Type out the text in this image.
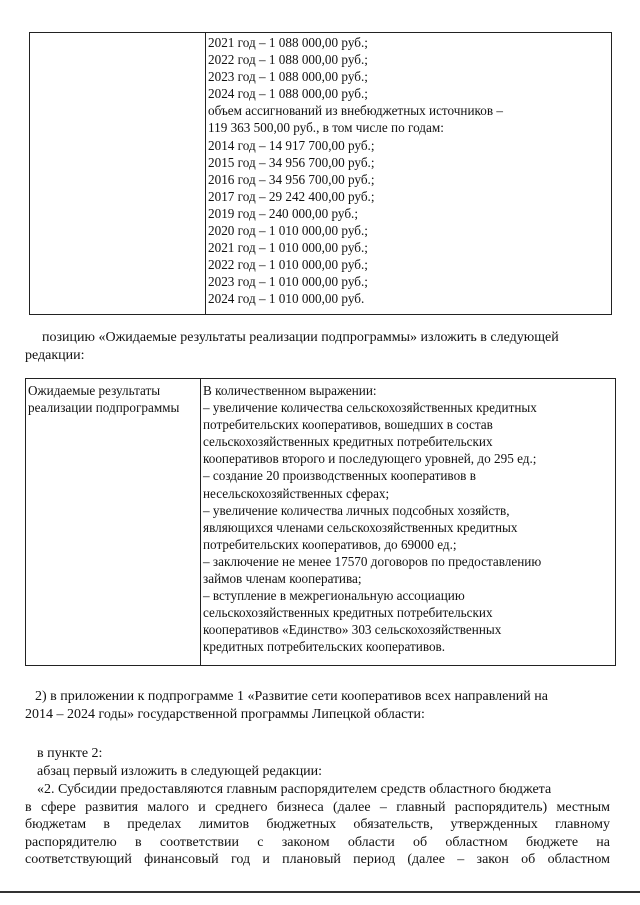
2021 год – 1 088 000,00 руб.;
2022 год – 1 088 000,00 руб.;
2023 год – 1 088 000,00 руб.;
2024 год – 1 088 000,00 руб.;
объем ассигнований из внебюджетных источников –
119 363 500,00 руб., в том числе по годам:
2014 год – 14 917 700,00 руб.;
2015 год – 34 956 700,00 руб.;
2016 год – 34 956 700,00 руб.;
2017 год – 29 242 400,00 руб.;
2019 год – 240 000,00 руб.;
2020 год – 1 010 000,00 руб.;
2021 год – 1 010 000,00 руб.;
2022 год – 1 010 000,00 руб.;
2023 год – 1 010 000,00 руб.;
2024 год – 1 010 000,00 руб.
позицию «Ожидаемые результаты реализации подпрограммы» изложить в следующей
редакции:
Ожидаемые результаты
реализации подпрограммы
В количественном выражении:
– увеличение количества сельскохозяйственных кредитных
потребительских кооперативов, вошедших в состав
сельскохозяйственных кредитных потребительских
кооперативов второго и последующего уровней, до 295 ед.;
– создание 20 производственных кооперативов в
несельскохозяйственных сферах;
– увеличение количества личных подсобных хозяйств,
являющихся членами сельскохозяйственных кредитных
потребительских кооперативов, до 69000 ед.;
– заключение не менее 17570 договоров по предоставлению
займов членам кооператива;
– вступление в межрегиональную ассоциацию
сельскохозяйственных кредитных потребительских
кооперативов «Единство» 303 сельскохозяйственных
кредитных потребительских кооперативов.
2) в приложении к подпрограмме 1 «Развитие сети кооперативов всех направлений на
2014 – 2024 годы» государственной программы Липецкой области:
в пункте 2:
абзац первый изложить в следующей редакции:
«2. Субсидии предоставляются главным распорядителем средств областного бюджета
в сфере развития малого и среднего бизнеса (далее – главный распорядитель) местным
бюджетам в пределах лимитов бюджетных обязательств, утвержденных главному
распорядителю в соответствии с законом области об областном бюджете на
соответствующий финансовый год и плановый период (далее – закон об областном
